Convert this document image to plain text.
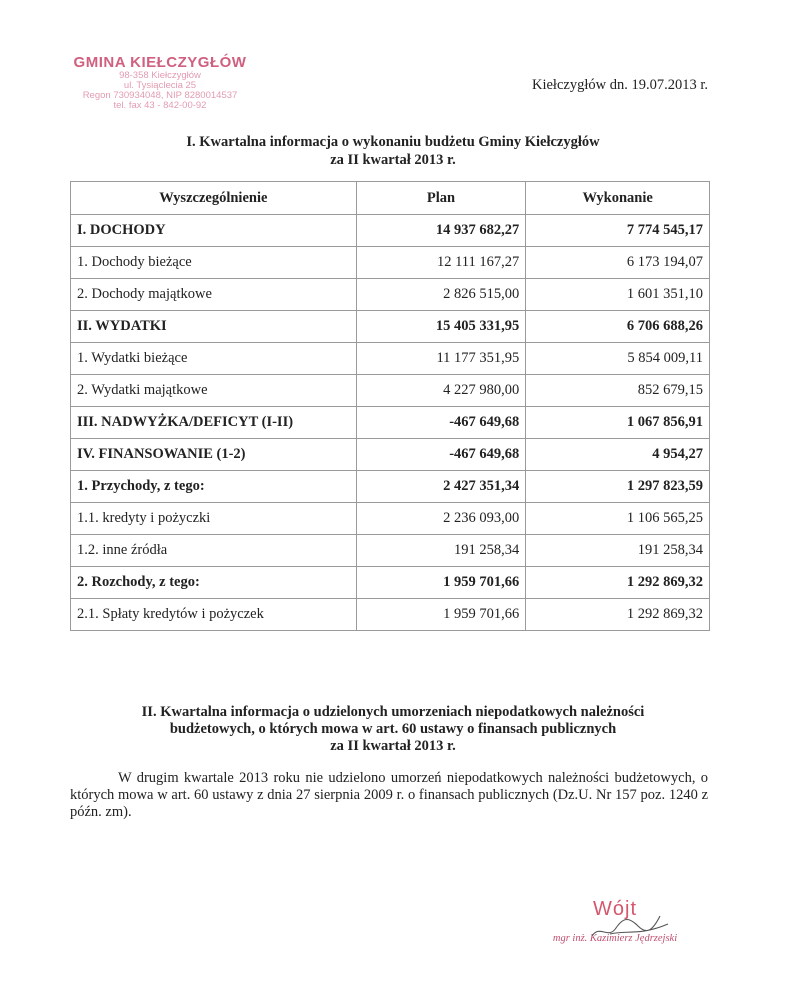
GMINA KIEŁCZYGŁÓW
98-358 Kiełczygłów
ul. Tysiąclecia 25
Regon 730934048, NIP 8280014537
tel. fax 43 - 842-00-92
Kiełczygłów dn. 19.07.2013 r.
I. Kwartalna informacja o wykonaniu budżetu Gminy Kiełczygłów
za II kwartał 2013 r.
Wyszczególnienie	Plan	Wykonanie
I. DOCHODY	14 937 682,27	7 774 545,17
1. Dochody bieżące	12 111 167,27	6 173 194,07
2. Dochody majątkowe	2 826 515,00	1 601 351,10
II. WYDATKI	15 405 331,95	6 706 688,26
1. Wydatki bieżące	11 177 351,95	5 854 009,11
2. Wydatki majątkowe	4 227 980,00	852 679,15
III. NADWYŻKA/DEFICYT (I-II)	-467 649,68	1 067 856,91
IV. FINANSOWANIE (1-2)	-467 649,68	4 954,27
1. Przychody, z tego:	2 427 351,34	1 297 823,59
1.1. kredyty i pożyczki	2 236 093,00	1 106 565,25
1.2. inne źródła	191 258,34	191 258,34
2. Rozchody, z tego:	1 959 701,66	1 292 869,32
2.1. Spłaty kredytów i pożyczek	1 959 701,66	1 292 869,32
II. Kwartalna informacja o udzielonych umorzeniach niepodatkowych należności
budżetowych, o których mowa w art. 60 ustawy o finansach publicznych
za II kwartał 2013 r.
W drugim kwartale 2013 roku nie udzielono umorzeń niepodatkowych należności budżetowych, o których mowa w art. 60 ustawy z dnia 27 sierpnia 2009 r. o finansach publicznych (Dz.U. Nr 157 poz. 1240 z późn. zm).
Wójt
mgr inż. Kazimierz Jędrzejski
